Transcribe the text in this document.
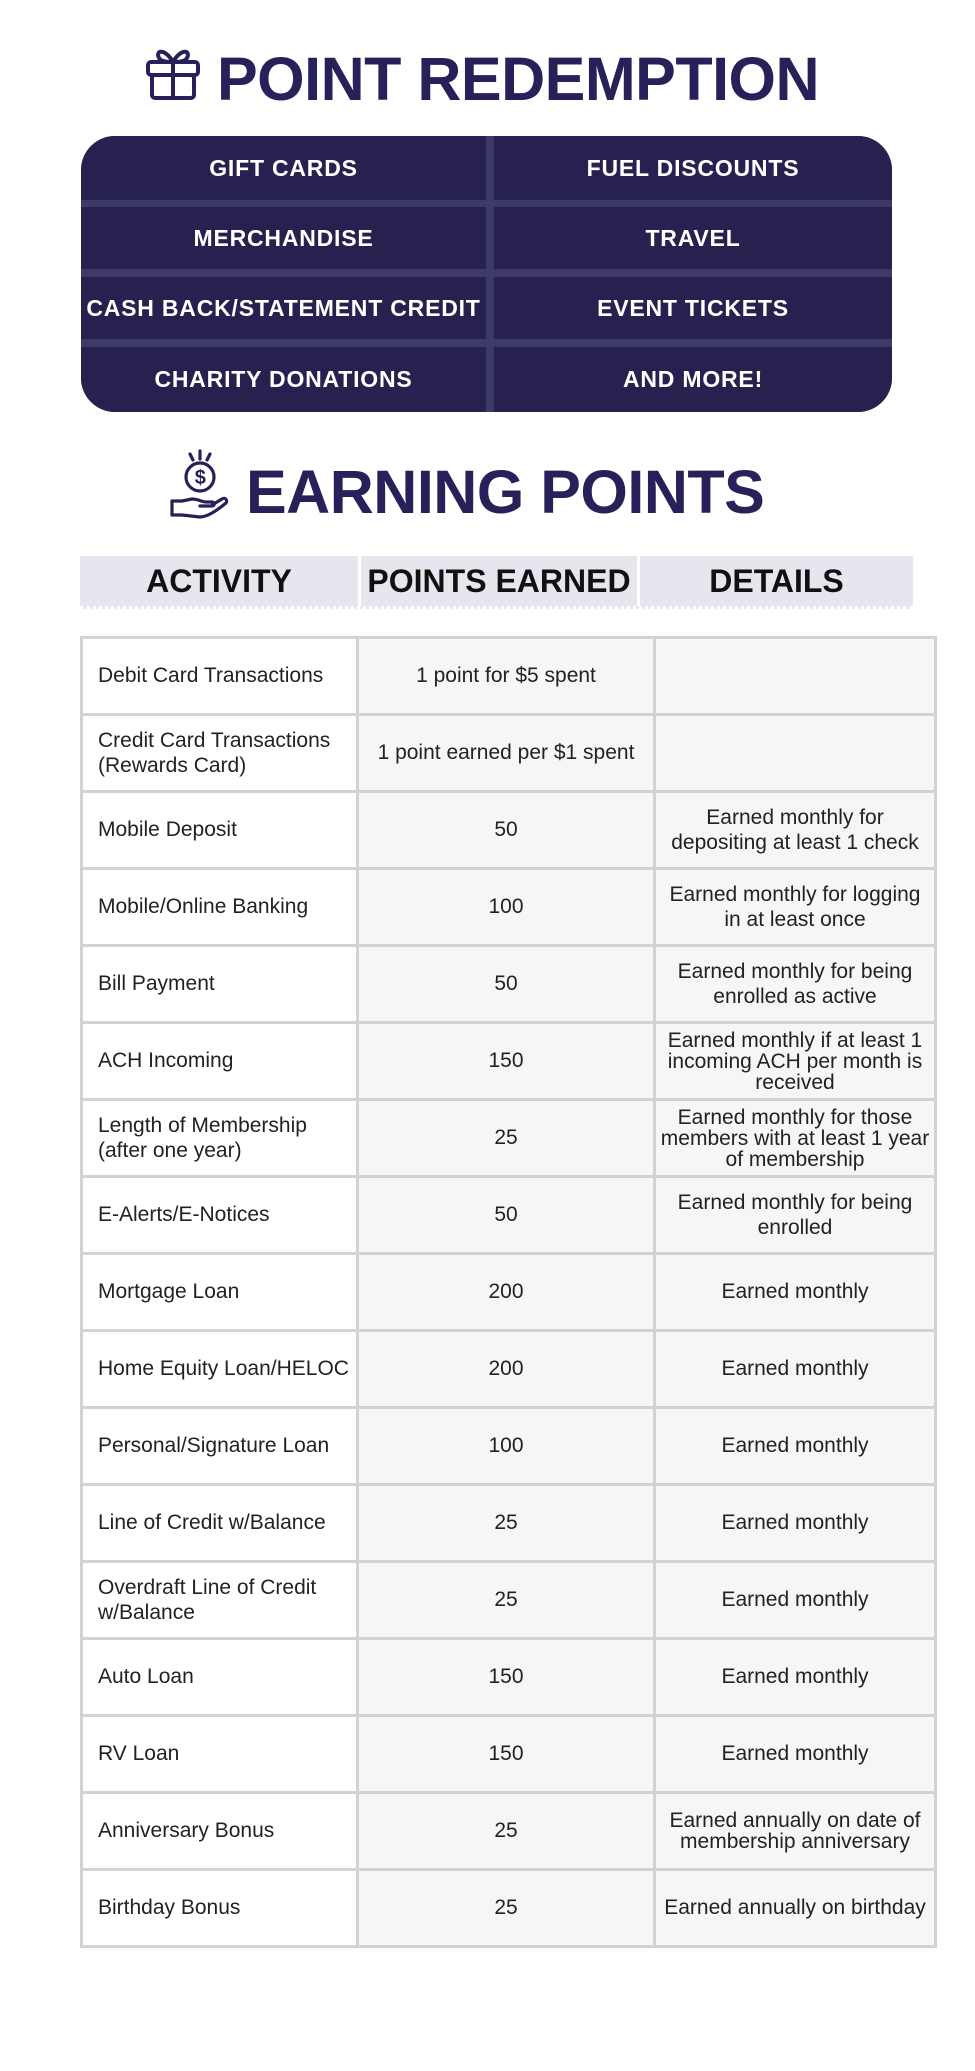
POINT REDEMPTION
GIFT CARDS	FUEL DISCOUNTS
MERCHANDISE	TRAVEL
CASH BACK/STATEMENT CREDIT	EVENT TICKETS
CHARITY DONATIONS	AND MORE!
$ EARNING POINTS
ACTIVITY	POINTS EARNED	DETAILS
Debit Card Transactions	1 point for $5 spent	
Credit Card Transactions (Rewards Card)	1 point earned per $1 spent	
Mobile Deposit	50	Earned monthly for depositing at least 1 check
Mobile/Online Banking	100	Earned monthly for logging in at least once
Bill Payment	50	Earned monthly for being enrolled as active
ACH Incoming	150	Earned monthly if at least 1 incoming ACH per month is received
Length of Membership (after one year)	25	Earned monthly for those members with at least 1 year of membership
E-Alerts/E-Notices	50	Earned monthly for being enrolled
Mortgage Loan	200	Earned monthly
Home Equity Loan/HELOC	200	Earned monthly
Personal/Signature Loan	100	Earned monthly
Line of Credit w/Balance	25	Earned monthly
Overdraft Line of Credit w/Balance	25	Earned monthly
Auto Loan	150	Earned monthly
RV Loan	150	Earned monthly
Anniversary Bonus	25	Earned annually on date of membership anniversary
Birthday Bonus	25	Earned annually on birthday
